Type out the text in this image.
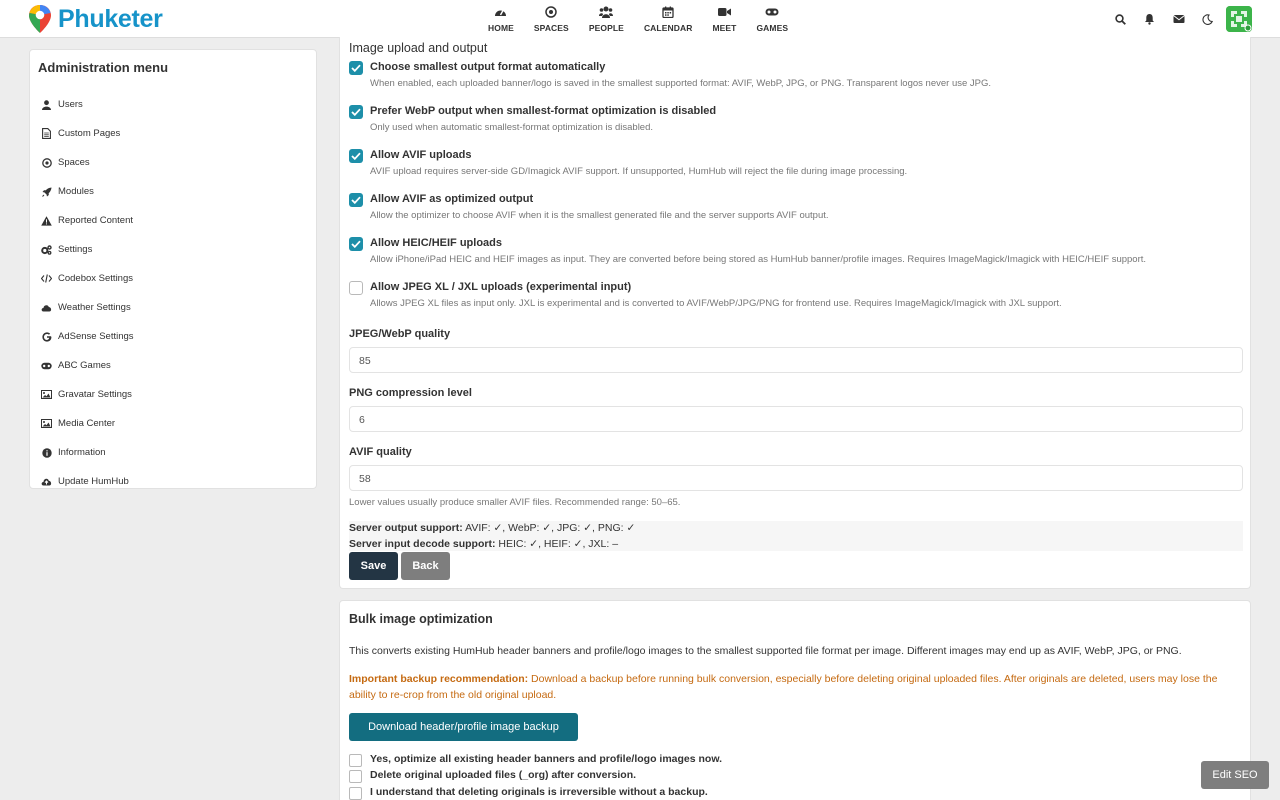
Phuketer	HOME SPACES PEOPLE CALENDAR MEET GAMES
Administration menu
Users
Custom Pages
Spaces
Modules
Reported Content
Settings
Codebox Settings
Weather Settings
AdSense Settings
ABC Games
Gravatar Settings
Media Center
Information
Update HumHub
Image upload and output
Choose smallest output format automatically
When enabled, each uploaded banner/logo is saved in the smallest supported format: AVIF, WebP, JPG, or PNG. Transparent logos never use JPG.
Prefer WebP output when smallest-format optimization is disabled
Only used when automatic smallest-format optimization is disabled.
Allow AVIF uploads
AVIF upload requires server-side GD/Imagick AVIF support. If unsupported, HumHub will reject the file during image processing.
Allow AVIF as optimized output
Allow the optimizer to choose AVIF when it is the smallest generated file and the server supports AVIF output.
Allow HEIC/HEIF uploads
Allow iPhone/iPad HEIC and HEIF images as input. They are converted before being stored as HumHub banner/profile images. Requires ImageMagick/Imagick with HEIC/HEIF support.
Allow JPEG XL / JXL uploads (experimental input)
Allows JPEG XL files as input only. JXL is experimental and is converted to AVIF/WebP/JPG/PNG for frontend use. Requires ImageMagick/Imagick with JXL support.
JPEG/WebP quality
85
PNG compression level
6
AVIF quality
58
Lower values usually produce smaller AVIF files. Recommended range: 50–65.
Server output support: AVIF: ✓, WebP: ✓, JPG: ✓, PNG: ✓
Server input decode support: HEIC: ✓, HEIF: ✓, JXL: –
Save	Back
Bulk image optimization
This converts existing HumHub header banners and profile/logo images to the smallest supported file format per image. Different images may end up as AVIF, WebP, JPG, or PNG.
Important backup recommendation: Download a backup before running bulk conversion, especially before deleting original uploaded files. After originals are deleted, users may lose the ability to re-crop from the old original upload.
Download header/profile image backup
Yes, optimize all existing header banners and profile/logo images now.
Delete original uploaded files (_org) after conversion.
I understand that deleting originals is irreversible without a backup.
Edit SEO
